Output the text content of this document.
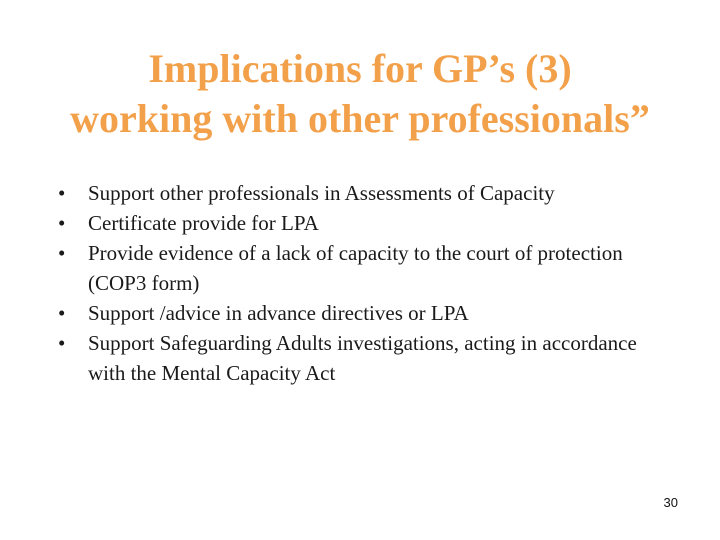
Implications for GP’s (3)
working with other professionals”
•	Support other professionals in Assessments of Capacity
•	Certificate provide for LPA
•	Provide evidence of a lack of capacity to the court of protection (COP3 form)
•	Support /advice in advance directives or LPA
•	Support Safeguarding Adults investigations, acting in accordance with the Mental Capacity Act
30
